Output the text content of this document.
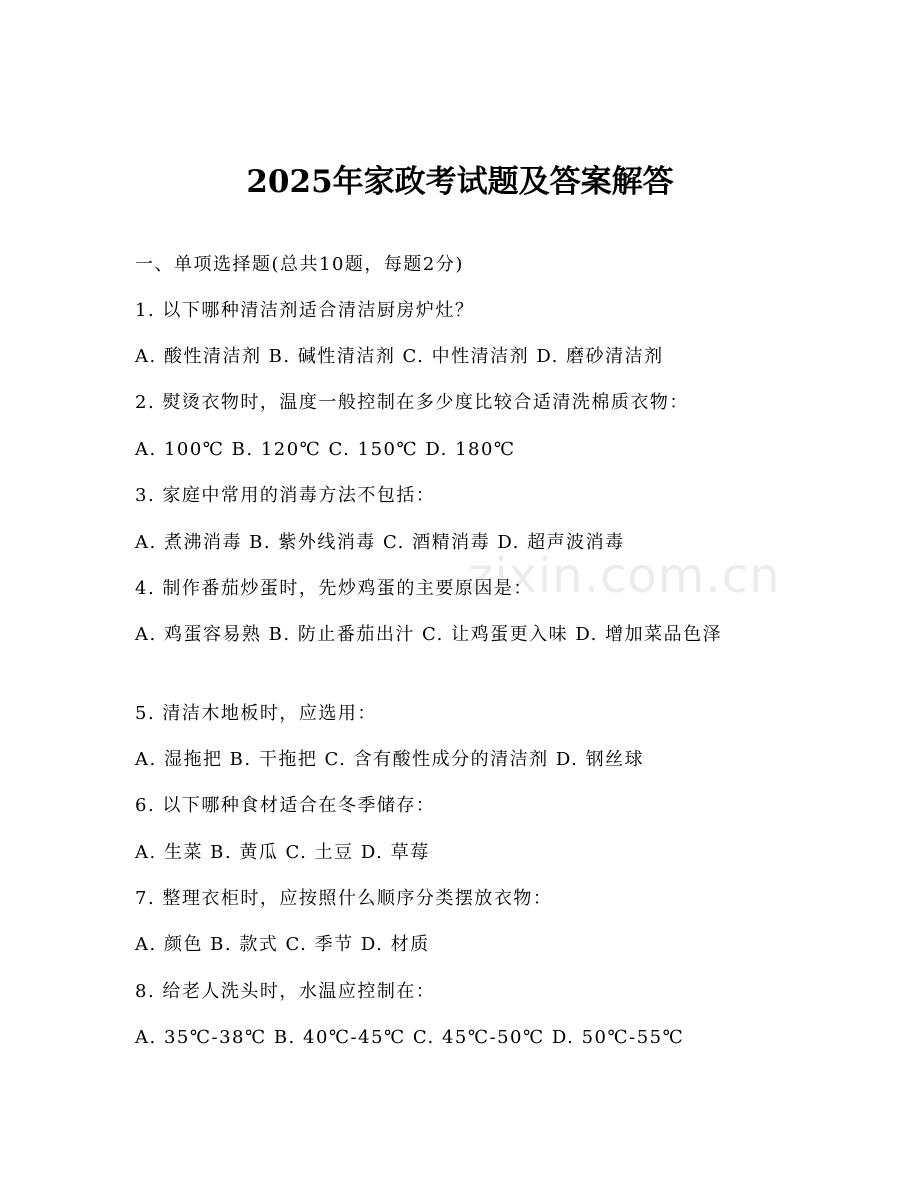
2025年家政考试题及答案解答
zixin.com.cn
一、单项选择题(总共10题，每题2分)
1. 以下哪种清洁剂适合清洁厨房炉灶？
A. 酸性清洁剂 B. 碱性清洁剂 C. 中性清洁剂 D. 磨砂清洁剂
2. 熨烫衣物时，温度一般控制在多少度比较合适清洗棉质衣物：
A. 100℃ B. 120℃ C. 150℃ D. 180℃
3. 家庭中常用的消毒方法不包括：
A. 煮沸消毒 B. 紫外线消毒 C. 酒精消毒 D. 超声波消毒
4. 制作番茄炒蛋时，先炒鸡蛋的主要原因是：
A. 鸡蛋容易熟 B. 防止番茄出汁 C. 让鸡蛋更入味 D. 增加菜品色泽
5. 清洁木地板时，应选用：
A. 湿拖把 B. 干拖把 C. 含有酸性成分的清洁剂 D. 钢丝球
6. 以下哪种食材适合在冬季储存：
A. 生菜 B. 黄瓜 C. 土豆 D. 草莓
7. 整理衣柜时，应按照什么顺序分类摆放衣物：
A. 颜色 B. 款式 C. 季节 D. 材质
8. 给老人洗头时，水温应控制在：
A. 35℃-38℃ B. 40℃-45℃ C. 45℃-50℃ D. 50℃-55℃
